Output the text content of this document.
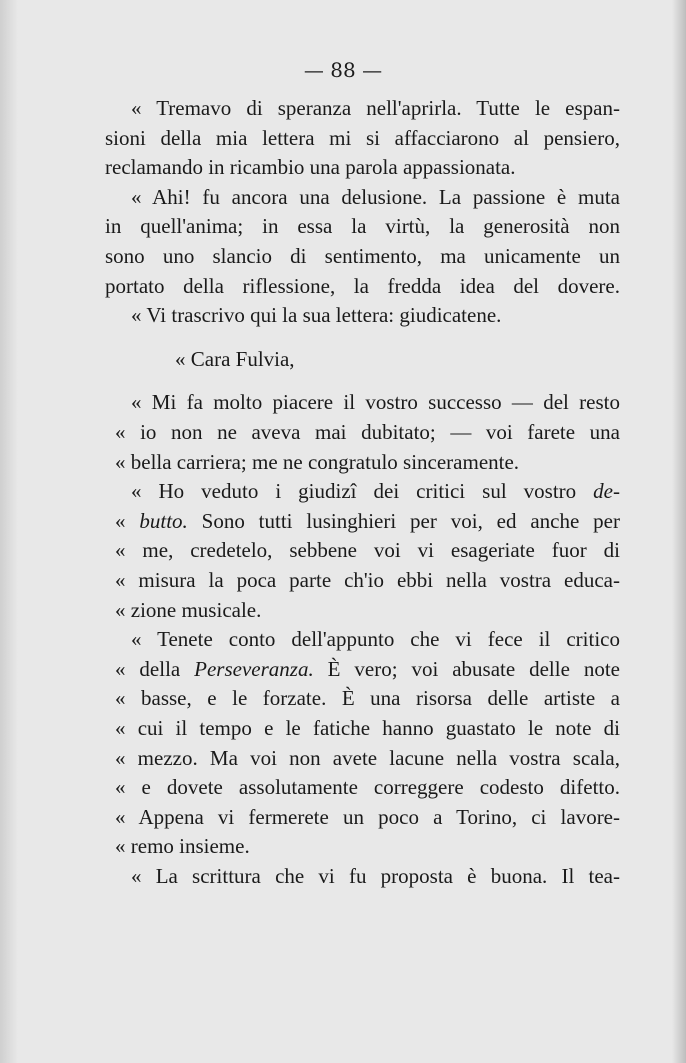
— 88 —
« Tremavo di speranza nell'aprirla. Tutte le espan-
sioni della mia lettera mi si affacciarono al pensiero,
reclamando in ricambio una parola appassionata.
« Ahi! fu ancora una delusione. La passione è muta
in quell'anima; in essa la virtù, la generosità non
sono uno slancio di sentimento, ma unicamente un
portato della riflessione, la fredda idea del dovere.
« Vi trascrivo qui la sua lettera: giudicatene.
« Cara Fulvia,
« Mi fa molto piacere il vostro successo — del resto
« io non ne aveva mai dubitato; — voi farete una
« bella carriera; me ne congratulo sinceramente.
« Ho veduto i giudizî dei critici sul vostro de-
« butto. Sono tutti lusinghieri per voi, ed anche per
« me, credetelo, sebbene voi vi esageriate fuor di
« misura la poca parte ch'io ebbi nella vostra educa-
« zione musicale.
« Tenete conto dell'appunto che vi fece il critico
« della Perseveranza. È vero; voi abusate delle note
« basse, e le forzate. È una risorsa delle artiste a
« cui il tempo e le fatiche hanno guastato le note di
« mezzo. Ma voi non avete lacune nella vostra scala,
« e dovete assolutamente correggere codesto difetto.
« Appena vi fermerete un poco a Torino, ci lavore-
« remo insieme.
« La scrittura che vi fu proposta è buona. Il tea-
